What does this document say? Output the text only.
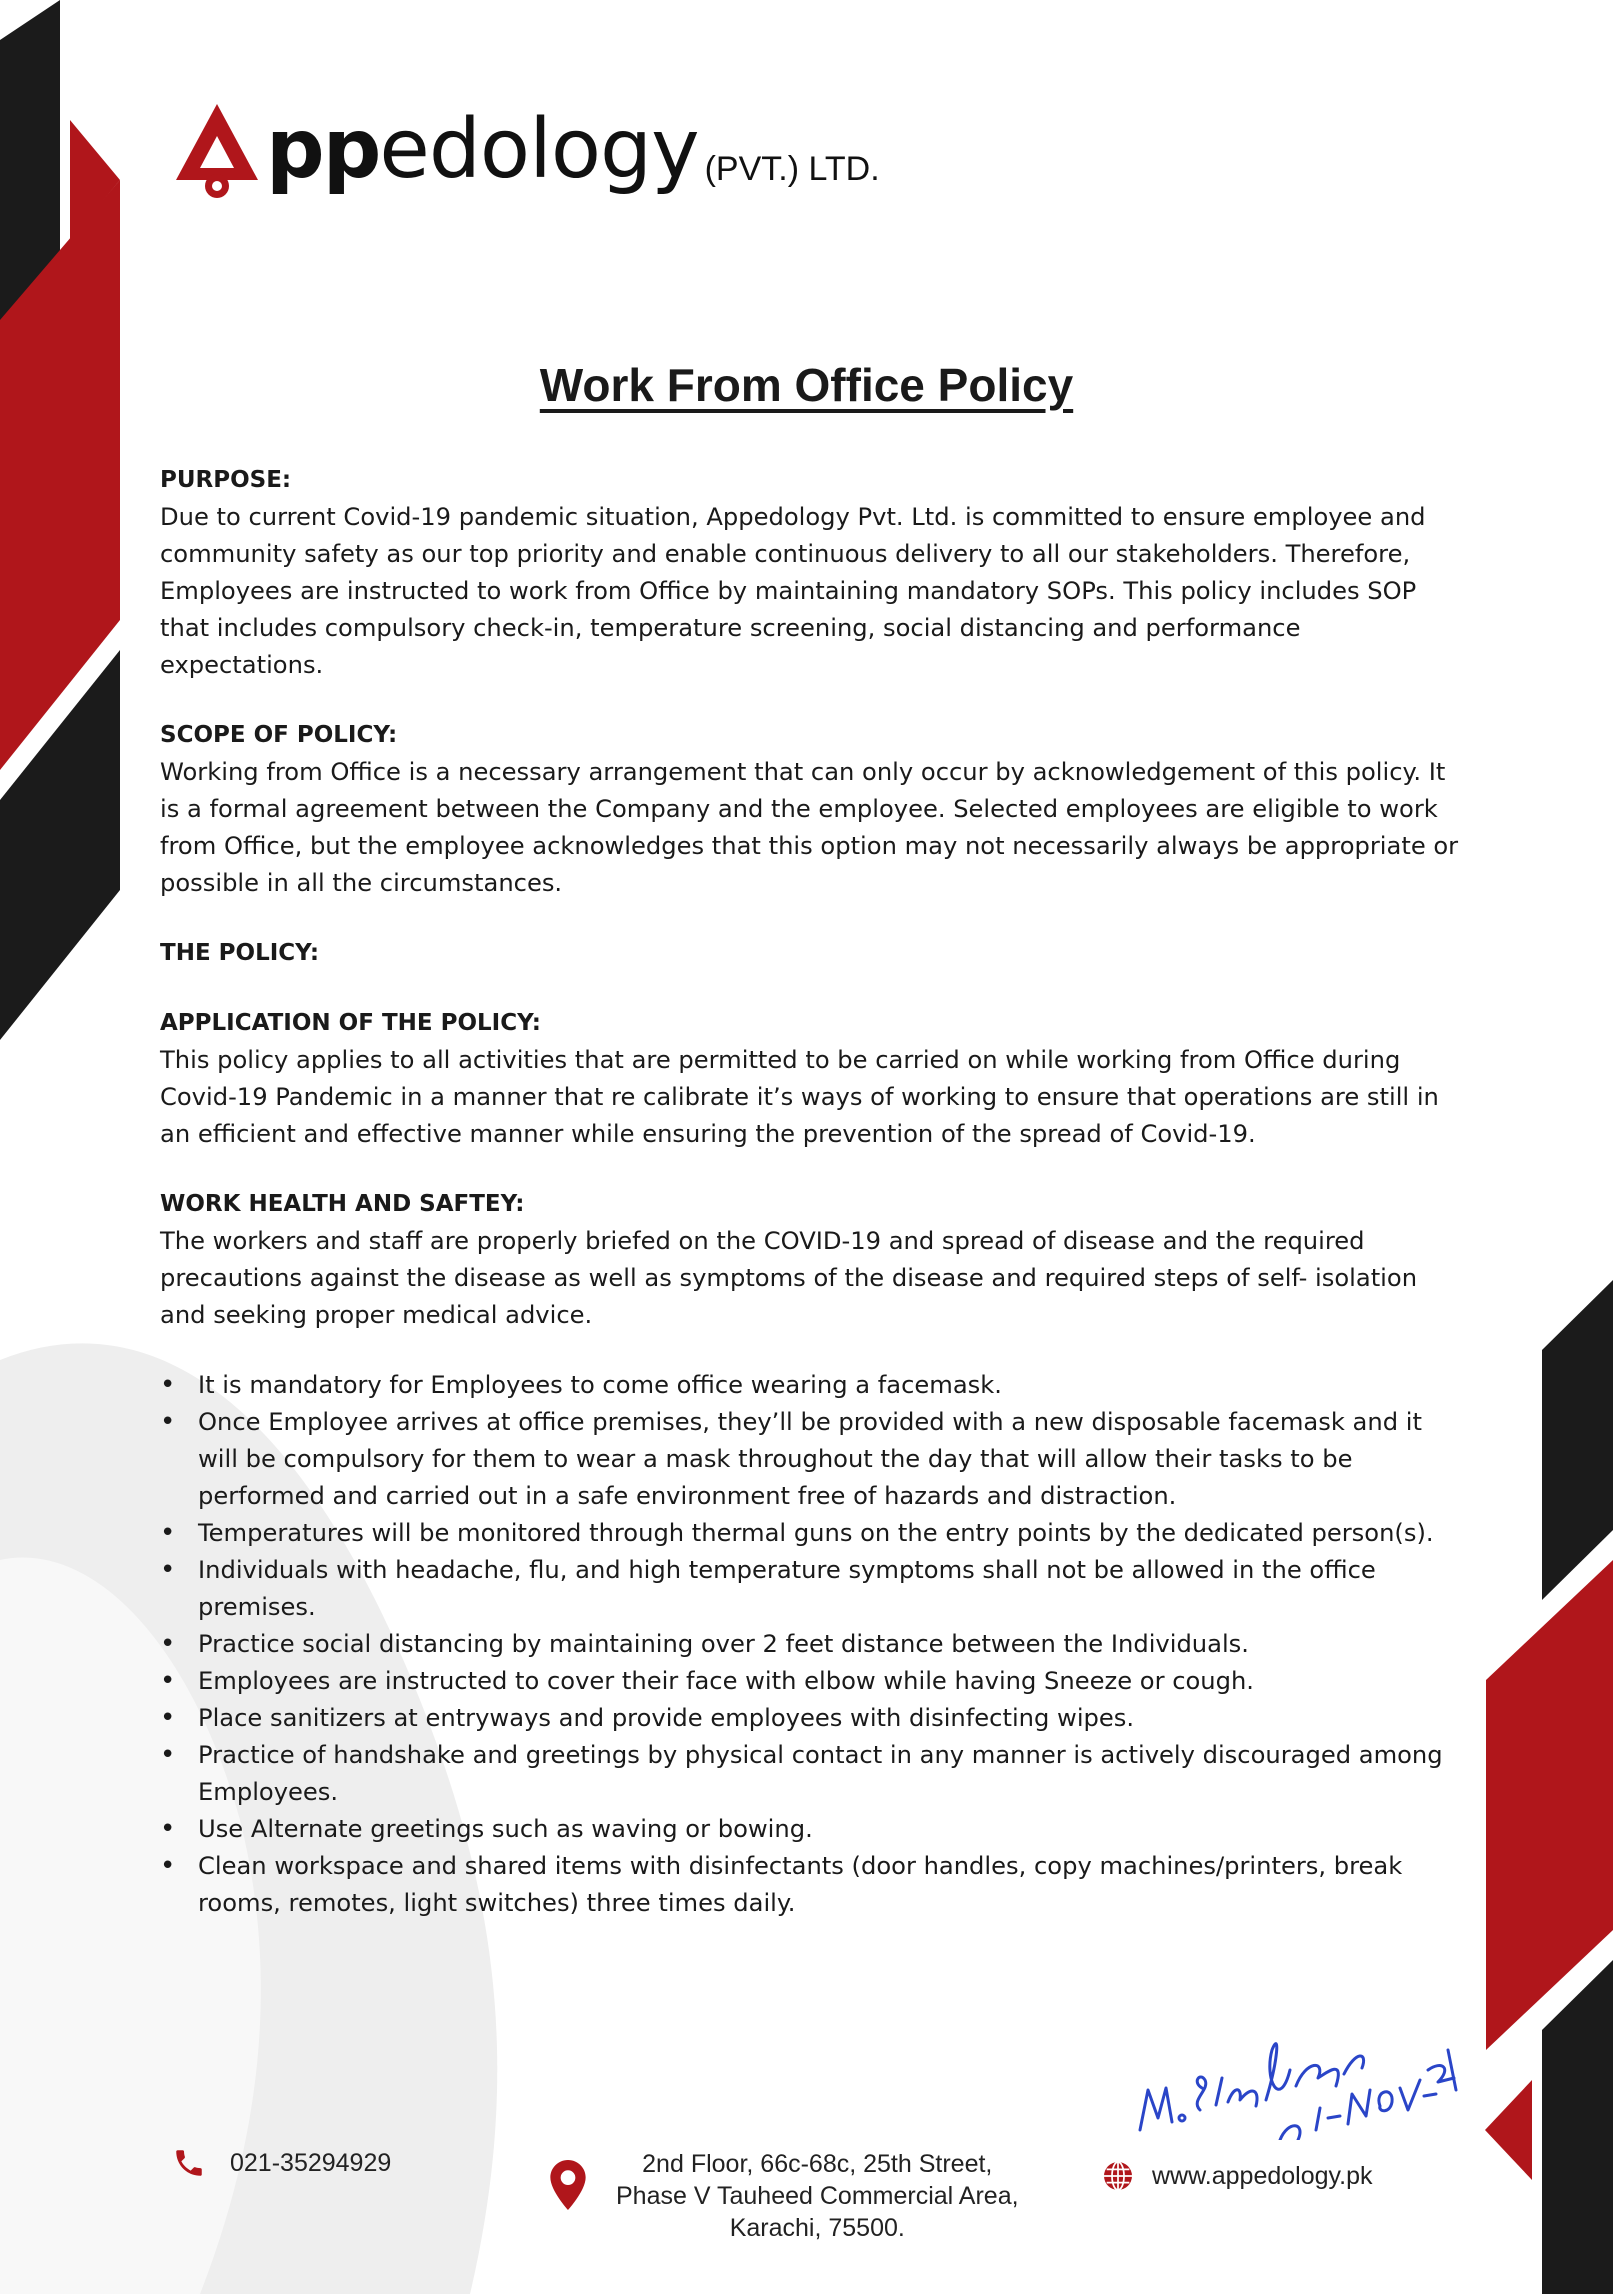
pp edology (PVT.) LTD.
Work From Office Policy

PURPOSE:

Due to current Covid-19 pandemic situation, Appedology Pvt. Ltd. is committed to ensure employee and community safety as our top priority and enable continuous delivery to all our stakeholders. Therefore, Employees are instructed to work from Office by maintaining mandatory SOPs. This policy includes SOP that includes compulsory check-in, temperature screening, social distancing and performance expectations.

SCOPE OF POLICY:

Working from Office is a necessary arrangement that can only occur by acknowledgement of this policy. It is a formal agreement between the Company and the employee. Selected employees are eligible to work from Office, but the employee acknowledges that this option may not necessarily always be appropriate or possible in all the circumstances.

THE POLICY:

APPLICATION OF THE POLICY:

This policy applies to all activities that are permitted to be carried on while working from Office during Covid-19 Pandemic in a manner that re calibrate it’s ways of working to ensure that operations are still in an efficient and effective manner while ensuring the prevention of the spread of Covid-19.

WORK HEALTH AND SAFTEY:

The workers and staff are properly briefed on the COVID-19 and spread of disease and the required precautions against the disease as well as symptoms of the disease and required steps of self- isolation and seeking proper medical advice.

• It is mandatory for Employees to come office wearing a facemask.
• Once Employee arrives at office premises, they’ll be provided with a new disposable facemask and it will be compulsory for them to wear a mask throughout the day that will allow their tasks to be performed and carried out in a safe environment free of hazards and distraction.
• Temperatures will be monitored through thermal guns on the entry points by the dedicated person(s).
• Individuals with headache, flu, and high temperature symptoms shall not be allowed in the office premises.
• Practice social distancing by maintaining over 2 feet distance between the Individuals.
• Employees are instructed to cover their face with elbow while having Sneeze or cough.
• Place sanitizers at entryways and provide employees with disinfecting wipes.
• Practice of handshake and greetings by physical contact in any manner is actively discouraged among Employees.
• Use Alternate greetings such as waving or bowing.
• Clean workspace and shared items with disinfectants (door handles, copy machines/printers, break rooms, remotes, light switches) three times daily.
021-35294929	2nd Floor, 66c-68c, 25th Street,
Phase V Tauheed Commercial Area,
Karachi, 75500.
www.appedology.pk
